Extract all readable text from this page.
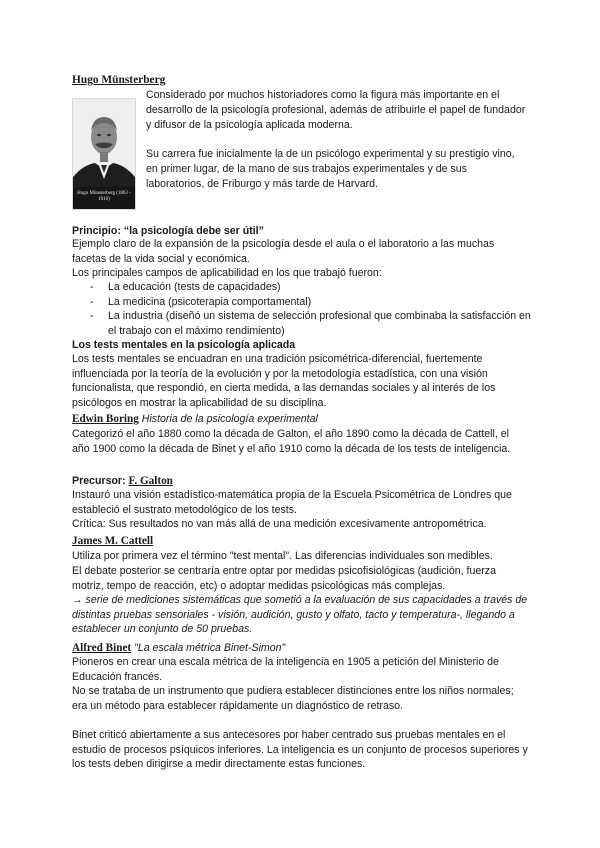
Hugo Münsterberg
Hugo Münsterberg (1863 - 1916)

Considerado por muchos historiadores como la figura más importante en el desarrollo de la psicología profesional, además de atribuirle el papel de fundador y difusor de la psicología aplicada moderna.

Su carrera fue inicialmente la de un psicólogo experimental y su prestigio vino, en primer lugar, de la mano de sus trabajos experimentales y de sus laboratorios, de Friburgo y más tarde de Harvard.

Principio: “la psicología debe ser útil”

Ejemplo claro de la expansión de la psicología desde el aula o el laboratorio a las muchas facetas de la vida social y económica.

Los principales campos de aplicabilidad en los que trabajó fueron:

- La educación (tests de capacidades)
- La medicina (psicoterapia comportamental)
- La industria (diseñó un sistema de selección profesional que combinaba la satisfacción en el trabajo con el máximo rendimiento)
Los tests mentales en la psicología aplicada

Los tests mentales se encuadran en una tradición psicométrica-diferencial, fuertemente influenciada por la teoría de la evolución y por la metodología estadística, con una visión funcionalista, que respondió, en cierta medida, a las demandas sociales y al interés de los psicólogos en mostrar la aplicabilidad de su disciplina.

Edwin Boring Historia de la psicología experimental

Categorizó el año 1880 como la década de Galton, el año 1890 como la década de Cattell, el año 1900 como la década de Binet y el año 1910 como la década de los tests de inteligencia.

Precursor: F. Galton

Instauró una visión estadístico-matemática propia de la Escuela Psicométrica de Londres que estableció el sustrato metodológico de los tests.

Crítica: Sus resultados no van más allá de una medición excesivamente antropométrica.

James M. Cattell

Utiliza por primera vez el término "test mental". Las diferencias individuales son medibles.

El debate posterior se centraría entre optar por medidas psicofisiológicas (audición, fuerza motriz, tempo de reacción, etc) o adoptar medidas psicológicas más complejas.

→ serie de mediciones sistemáticas que sometió a la evaluación de sus capacidades a través de distintas pruebas sensoriales - visión, audición, gusto y olfato, tacto y temperatura-, llegando a establecer un conjunto de 50 pruebas.

Alfred Binet "La escala métrica Binet-Simon"

Pioneros en crear una escala métrica de la inteligencia en 1905 a petición del Ministerio de Educación francés.

No se trataba de un instrumento que pudiera establecer distinciones entre los niños normales; era un método para establecer rápidamente un diagnóstico de retraso.

Binet criticó abiertamente a sus antecesores por haber centrado sus pruebas mentales en el estudio de procesos psíquicos inferiores. La inteligencia es un conjunto de procesos superiores y los tests deben dirigirse a medir directamente estas funciones.
